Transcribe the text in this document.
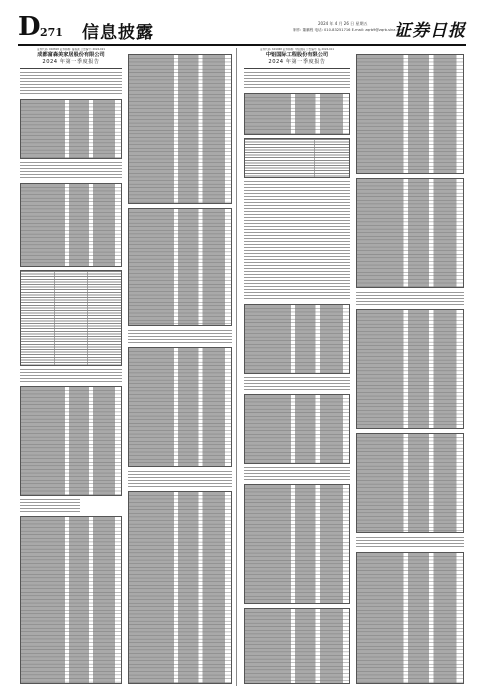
D 271 信息披露	2024 年 4 月 26 日 星期五
制作: 董鹏程 电话: 010-83251716 E-mail: zqrb9@zqrb.sina.net
证券日报
证券代码: 002818 证券简称: 富森美 公告编号: 2024-021
成都富森美家居股份有限公司
2024 年第一季度报告
证券代码: 601068 证券简称: 中铝国际 公告编号: 临 2024-011
中铝国际工程股份有限公司
2024 年第一季度报告
